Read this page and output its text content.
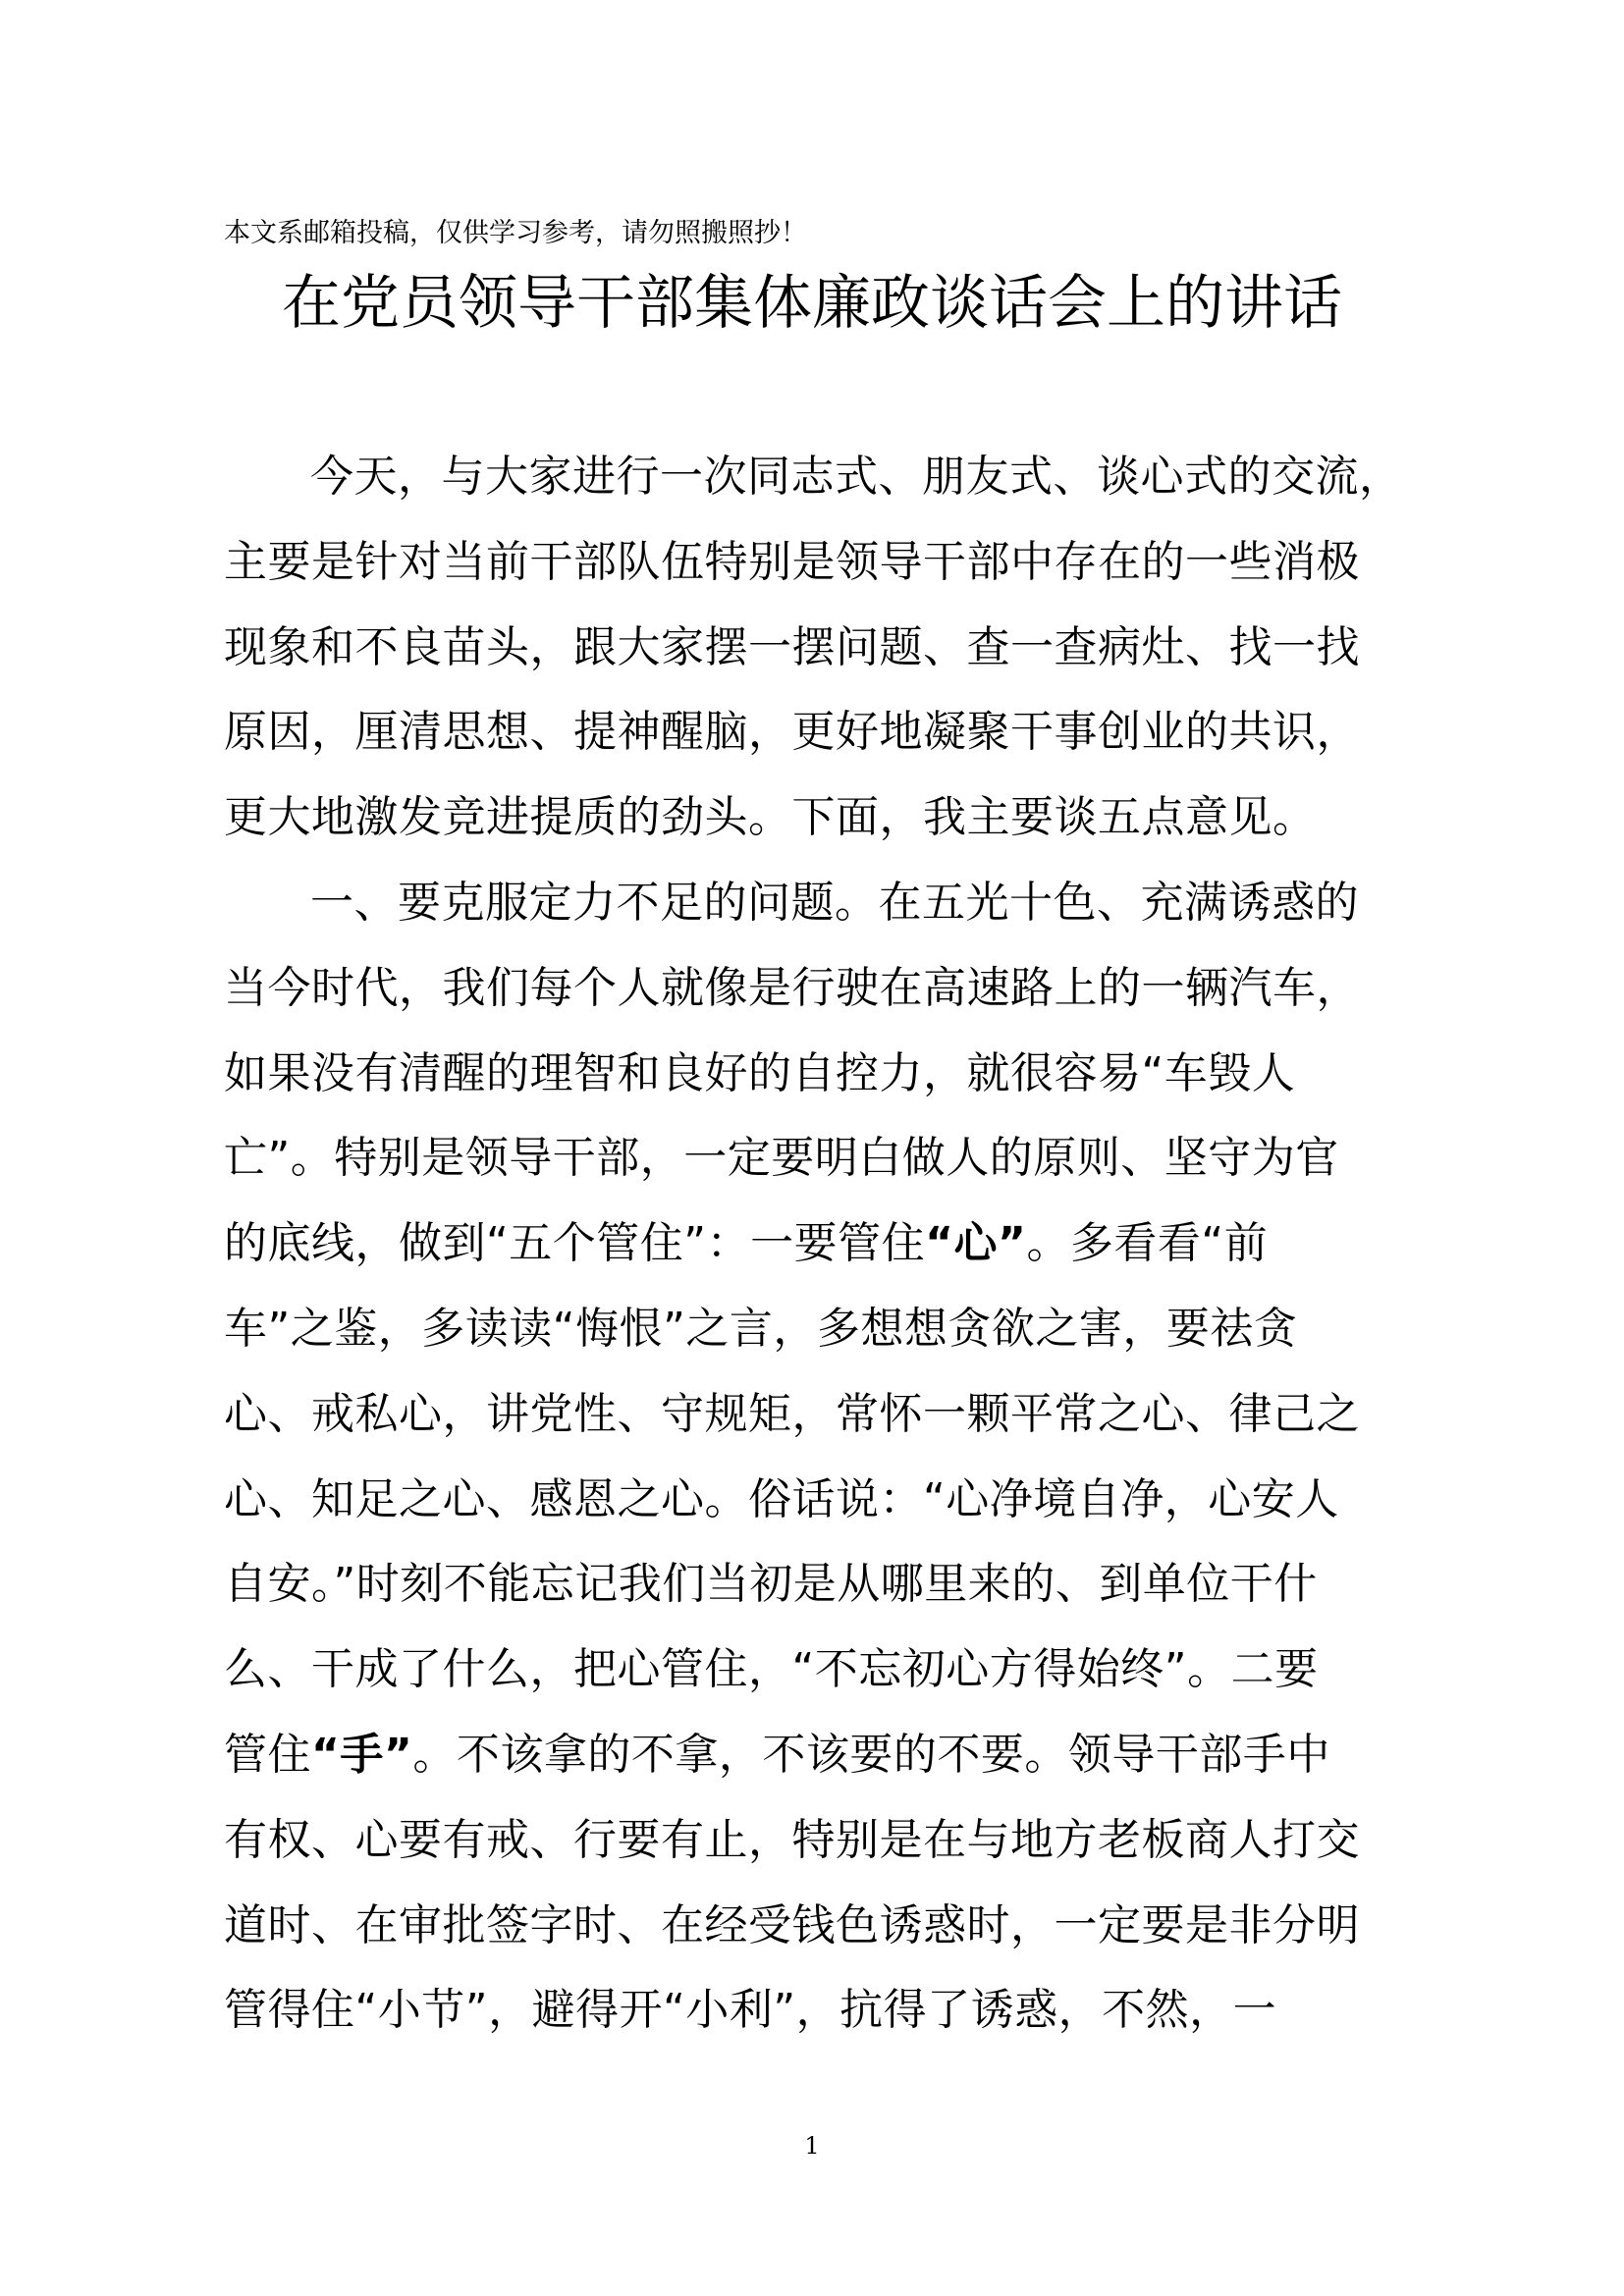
本文系邮箱投稿，仅供学习参考，请勿照搬照抄！
在党员领导干部集体廉政谈话会上的讲话
今天，与大家进行一次同志式、朋友式、谈心式的交流，
主要是针对当前干部队伍特别是领导干部中存在的一些消极
现象和不良苗头，跟大家摆一摆问题、查一查病灶、找一找
原因，厘清思想、提神醒脑，更好地凝聚干事创业的共识，
更大地激发竞进提质的劲头。下面，我主要谈五点意见。
一、要克服定力不足的问题。在五光十色、充满诱惑的
当今时代，我们每个人就像是行驶在高速路上的一辆汽车，
如果没有清醒的理智和良好的自控力，就很容易“车毁人
亡”。特别是领导干部，一定要明白做人的原则、坚守为官
的底线，做到“五个管住”：一要管住“心”。多看看“前
车”之鉴，多读读“悔恨”之言，多想想贪欲之害，要祛贪
心、戒私心，讲党性、守规矩，常怀一颗平常之心、律己之
心、知足之心、感恩之心。俗话说：“心净境自净，心安人
自安。”时刻不能忘记我们当初是从哪里来的、到单位干什
么、干成了什么，把心管住，“不忘初心方得始终”。二要
管住“手”。不该拿的不拿，不该要的不要。领导干部手中
有权、心要有戒、行要有止，特别是在与地方老板商人打交
道时、在审批签字时、在经受钱色诱惑时，一定要是非分明
管得住“小节”，避得开“小利”，抗得了诱惑，不然，一
1
